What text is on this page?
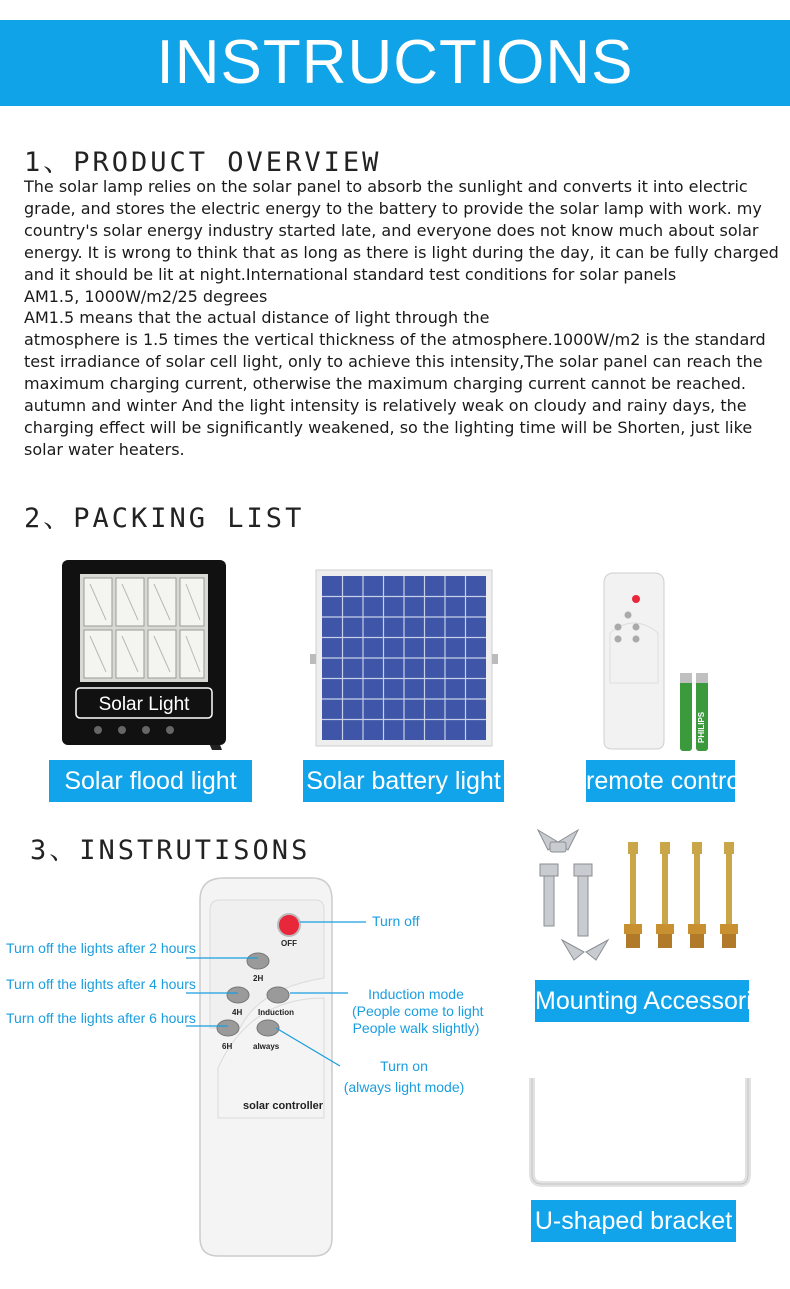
INSTRUCTIONS
1、PRODUCT OVERVIEW

The solar lamp relies on the solar panel to absorb the sunlight and converts it into electric grade, and stores the electric energy to the battery to provide the solar lamp with work. my country's solar energy industry started late, and everyone does not know much about solar energy. It is wrong to think that as long as there is light during the day, it can be fully charged and it should be lit at night.International standard test conditions for solar panels

AM1.5, 1000W/m2/25 degrees

AM1.5 means that the actual distance of light through the

atmosphere is 1.5 times the vertical thickness of the atmosphere.1000W/m2 is the standard test irradiance of solar cell light, only to achieve this intensity,The solar panel can reach the maximum charging current, otherwise the maximum charging current cannot be reached. autumn and winter And the light intensity is relatively weak on cloudy and rainy days, the charging effect will be significantly weakened, so the lighting time will be Shorten, just like solar water heaters.

2、PACKING LIST
Solar Light
Solar flood light	Solar battery light
PHILIPS
remote control
3、INSTRUTISONS
OFF
2H
4H Induction
6H	always
solar controller
Turn off
Turn off the lights after 2 hours
Turn off the lights after 4 hours
Turn off the lights after 6 hours
Induction mode
(People come to light
People walk slightly)
Turn on
(always light mode)
Mounting Accessories
U-shaped bracket
